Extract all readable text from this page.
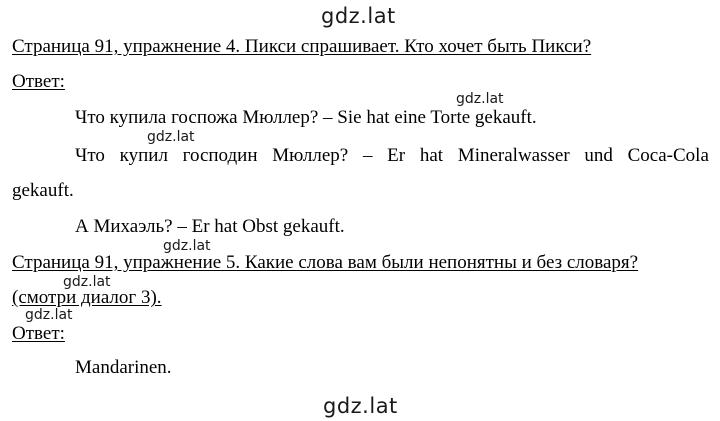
gdz.lat
Страница 91, упражнение 4. Пикси спрашивает. Кто хочет быть Пикси?
Ответ:
gdz.lat
Что купила госпожа Мюллер? – Sie hat eine Torte gekauft.
gdz.lat
Что купил господин Мюллер? – Er hat Mineralwasser und Coca-Cola
gekauft.
А Михаэль? – Er hat Obst gekauft.
gdz.lat
Страница 91, упражнение 5. Какие слова вам были непонятны и без словаря?
gdz.lat
(смотри диалог 3).
gdz.lat
Ответ:
Mandarinen.
gdz.lat
